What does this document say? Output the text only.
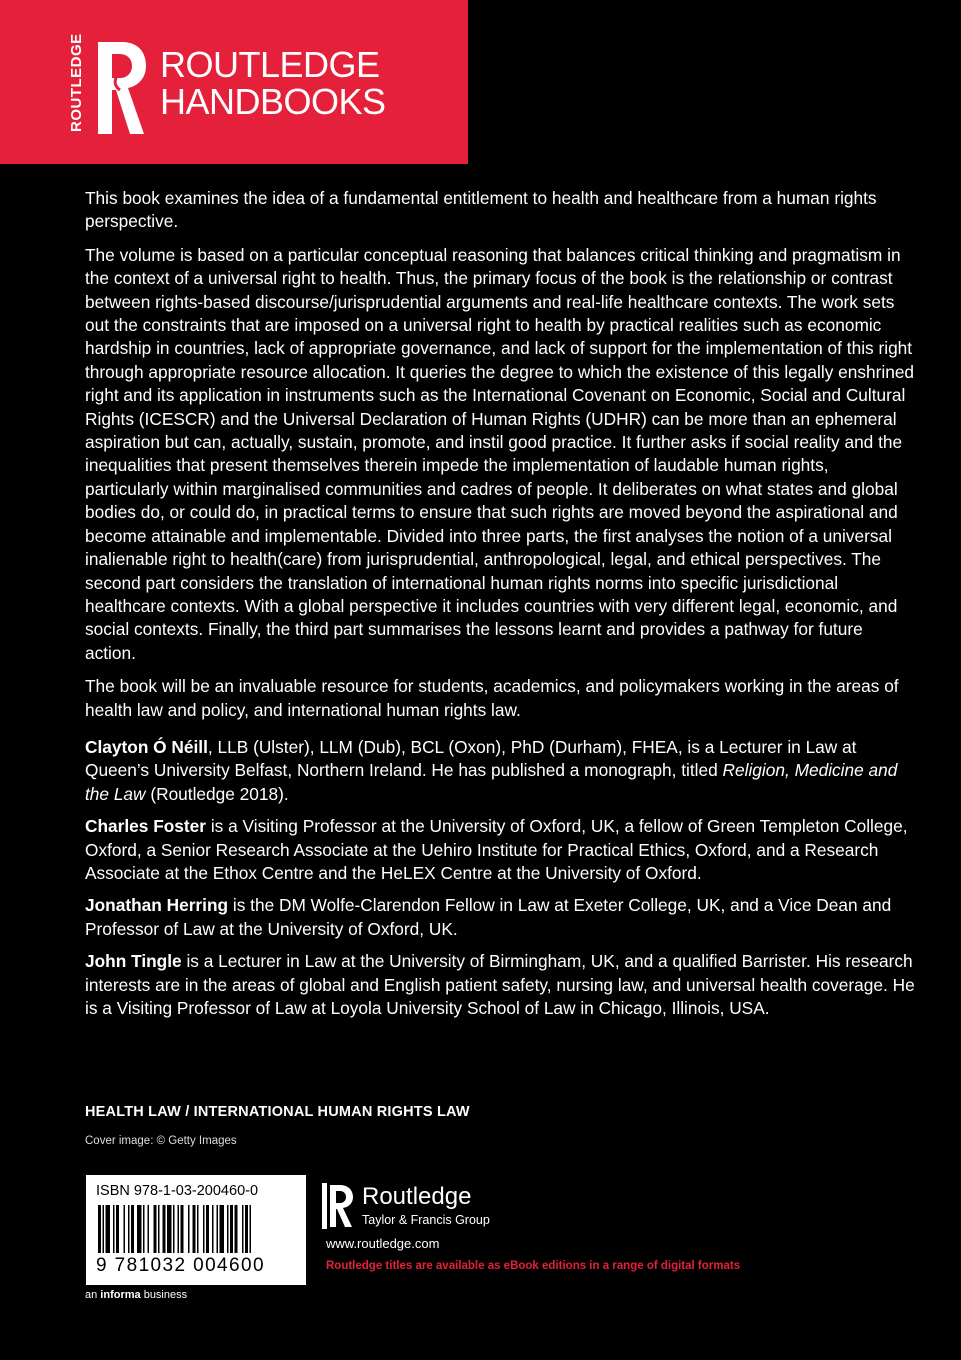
ROUTLEDGE ROUTLEDGE
HANDBOOKS

This book examines the idea of a fundamental entitlement to health and healthcare from a human rights perspective.

The volume is based on a particular conceptual reasoning that balances critical thinking and pragmatism in the context of a universal right to health. Thus, the primary focus of the book is the relationship or contrast between rights-based discourse/jurisprudential arguments and real-life healthcare contexts. The work sets out the constraints that are imposed on a universal right to health by practical realities such as economic hardship in countries, lack of appropriate governance, and lack of support for the implementation of this right through appropriate resource allocation. It queries the degree to which the existence of this legally enshrined right and its application in instruments such as the International Covenant on Economic, Social and Cultural Rights (ICESCR) and the Universal Declaration of Human Rights (UDHR) can be more than an ephemeral aspiration but can, actually, sustain, promote, and instil good practice. It further asks if social reality and the inequalities that present themselves therein impede the implementation of laudable human rights, particularly within marginalised communities and cadres of people. It deliberates on what states and global bodies do, or could do, in practical terms to ensure that such rights are moved beyond the aspirational and become attainable and implementable. Divided into three parts, the first analyses the notion of a universal inalienable right to health(care) from jurisprudential, anthropological, legal, and ethical perspectives. The second part considers the translation of international human rights norms into specific jurisdictional healthcare contexts. With a global perspective it includes countries with very different legal, economic, and social contexts. Finally, the third part summarises the lessons learnt and provides a pathway for future action.

The book will be an invaluable resource for students, academics, and policymakers working in the areas of health law and policy, and international human rights law.

Clayton Ó Néill, LLB (Ulster), LLM (Dub), BCL (Oxon), PhD (Durham), FHEA, is a Lecturer in Law at Queen’s University Belfast, Northern Ireland. He has published a monograph, titled Religion, Medicine and the Law (Routledge 2018).

Charles Foster is a Visiting Professor at the University of Oxford, UK, a fellow of Green Templeton College, Oxford, a Senior Research Associate at the Uehiro Institute for Practical Ethics, Oxford, and a Research Associate at the Ethox Centre and the HeLEX Centre at the University of Oxford.

Jonathan Herring is the DM Wolfe-Clarendon Fellow in Law at Exeter College, UK, and a Vice Dean and Professor of Law at the University of Oxford, UK.

John Tingle is a Lecturer in Law at the University of Birmingham, UK, and a qualified Barrister. His research interests are in the areas of global and English patient safety, nursing law, and universal health coverage. He is a Visiting Professor of Law at Loyola University School of Law in Chicago, Illinois, USA.

HEALTH LAW / INTERNATIONAL HUMAN RIGHTS LAW
Cover image: © Getty Images
ISBN 978-1-03-200460-0
9 781032 004600
an informa business
Routledge
Taylor & Francis Group
www.routledge.com
Routledge titles are available as eBook editions in a range of digital formats
